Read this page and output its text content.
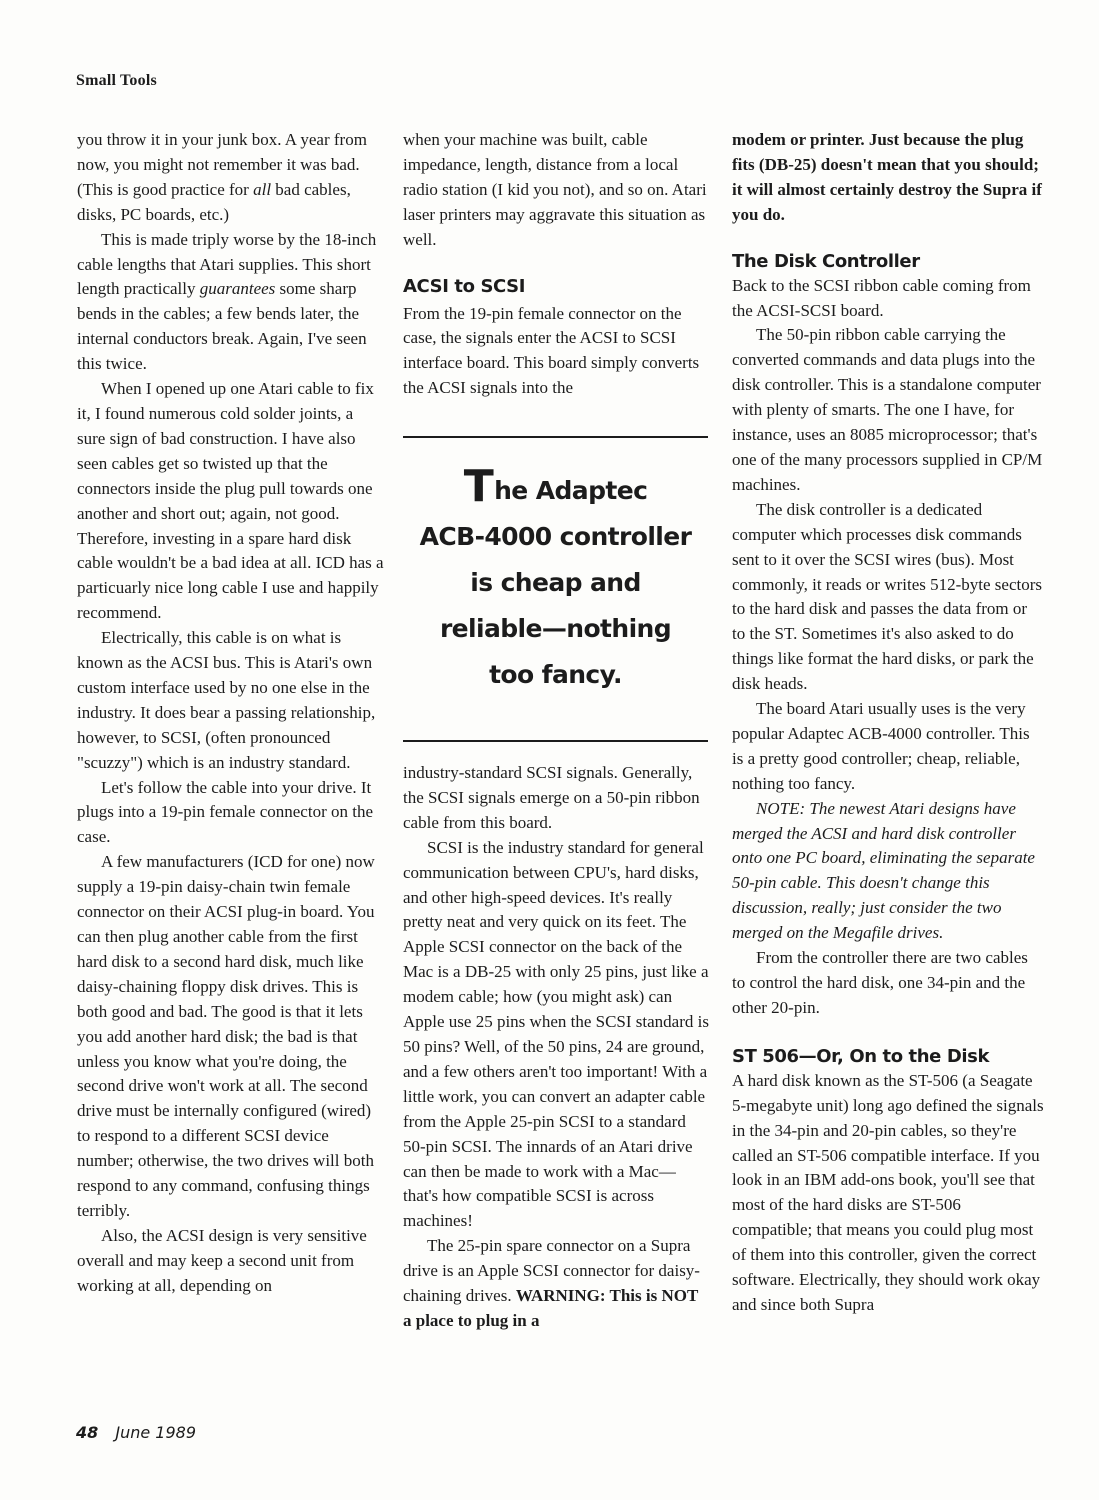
Small Tools

you throw it in your junk box. A year from now, you might not remember it was bad. (This is good practice for all bad cables, disks, PC boards, etc.)

This is made triply worse by the 18-inch cable lengths that Atari supplies. This short length practically guarantees some sharp bends in the cables; a few bends later, the internal conductors break. Again, I've seen this twice.

When I opened up one Atari cable to fix it, I found numerous cold solder joints, a sure sign of bad construction. I have also seen cables get so twisted up that the connectors inside the plug pull towards one another and short out; again, not good. Therefore, investing in a spare hard disk cable wouldn't be a bad idea at all. ICD has a particuarly nice long cable I use and happily recommend.

Electrically, this cable is on what is known as the ACSI bus. This is Atari's own custom interface used by no one else in the industry. It does bear a passing relationship, however, to SCSI, (often pronounced "scuzzy") which is an industry standard.

Let's follow the cable into your drive. It plugs into a 19-pin female connector on the case.

A few manufacturers (ICD for one) now supply a 19-pin daisy-chain twin female connector on their ACSI plug-in board. You can then plug another cable from the first hard disk to a second hard disk, much like daisy-chaining floppy disk drives. This is both good and bad. The good is that it lets you add another hard disk; the bad is that unless you know what you're doing, the second drive won't work at all. The second drive must be internally configured (wired) to respond to a different SCSI device number; otherwise, the two drives will both respond to any command, confusing things terribly.

Also, the ACSI design is very sensitive overall and may keep a second unit from working at all, depending on

when your machine was built, cable impedance, length, distance from a local radio station (I kid you not), and so on. Atari laser printers may aggravate this situation as well.

ACSI to SCSI

From the 19-pin female connector on the case, the signals enter the ACSI to SCSI interface board. This board simply converts the ACSI signals into the

The Adaptec
ACB-4000 controller
is cheap and
reliable—nothing
too fancy.

industry-standard SCSI signals. Generally, the SCSI signals emerge on a 50-pin ribbon cable from this board.

SCSI is the industry standard for general communication between CPU's, hard disks, and other high-speed devices. It's really pretty neat and very quick on its feet. The Apple SCSI connector on the back of the Mac is a DB-25 with only 25 pins, just like a modem cable; how (you might ask) can Apple use 25 pins when the SCSI standard is 50 pins? Well, of the 50 pins, 24 are ground, and a few others aren't too important! With a little work, you can convert an adapter cable from the Apple 25-pin SCSI to a standard 50-pin SCSI. The innards of an Atari drive can then be made to work with a Mac—that's how compatible SCSI is across machines!

The 25-pin spare connector on a Supra drive is an Apple SCSI connector for daisy-chaining drives. WARNING: This is NOT a place to plug in a

modem or printer. Just because the plug fits (DB-25) doesn't mean that you should; it will almost certainly destroy the Supra if you do.

The Disk Controller

Back to the SCSI ribbon cable coming from the ACSI-SCSI board.

The 50-pin ribbon cable carrying the converted commands and data plugs into the disk controller. This is a standalone computer with plenty of smarts. The one I have, for instance, uses an 8085 microprocessor; that's one of the many processors supplied in CP/M machines.

The disk controller is a dedicated computer which processes disk commands sent to it over the SCSI wires (bus). Most commonly, it reads or writes 512-byte sectors to the hard disk and passes the data from or to the ST. Sometimes it's also asked to do things like format the hard disks, or park the disk heads.

The board Atari usually uses is the very popular Adaptec ACB-4000 controller. This is a pretty good controller; cheap, reliable, nothing too fancy.

NOTE: The newest Atari designs have merged the ACSI and hard disk controller onto one PC board, eliminating the separate 50-pin cable. This doesn't change this discussion, really; just consider the two merged on the Megafile drives.

From the controller there are two cables to control the hard disk, one 34-pin and the other 20-pin.

ST 506—Or, On to the Disk

A hard disk known as the ST-506 (a Seagate 5-megabyte unit) long ago defined the signals in the 34-pin and 20-pin cables, so they're called an ST-506 compatible interface. If you look in an IBM add-ons book, you'll see that most of the hard disks are ST-506 compatible; that means you could plug most of them into this controller, given the correct software. Electrically, they should work okay and since both Supra

48 June 1989
